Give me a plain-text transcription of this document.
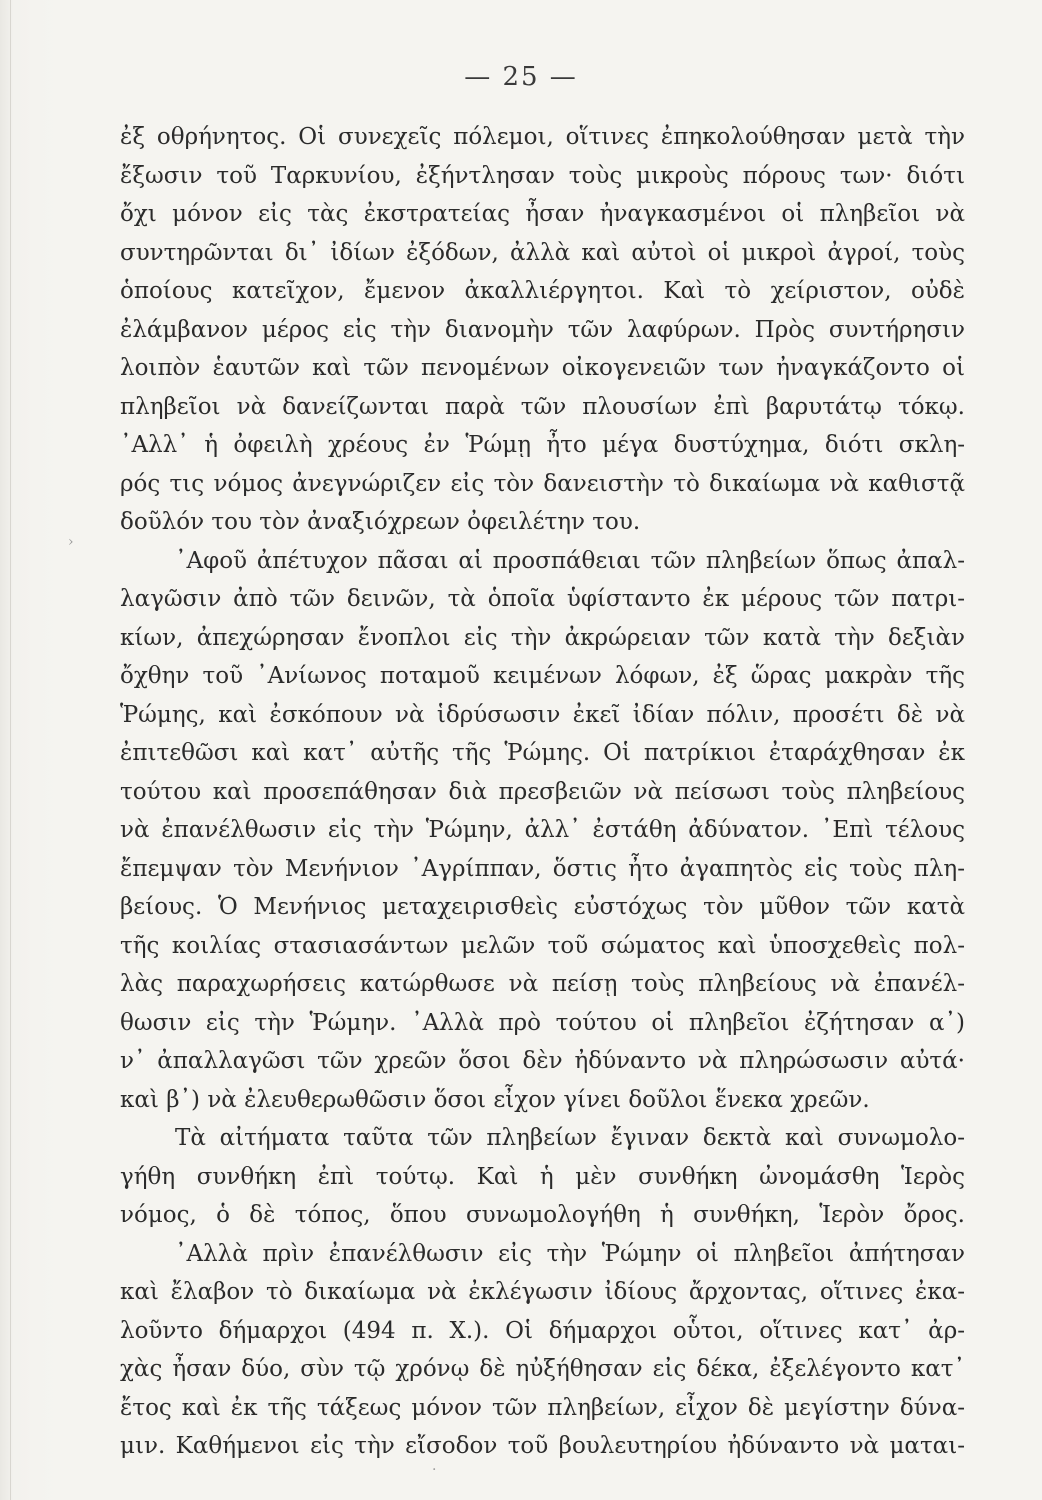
— 25 —
›
ἐξ οθρήνητος. Οἱ συνεχεῖς πόλεμοι, οἵτινες ἐπηκολούθησαν μετὰ τὴν
ἔξωσιν τοῦ Ταρκυνίου, ἐξήντλησαν τοὺς μικροὺς πόρους των· διότι
ὄχι μόνον εἰς τὰς ἐκστρατείας ἦσαν ἠναγκασμένοι οἱ πληβεῖοι νὰ
συντηρῶνται δι᾽ ἰδίων ἐξόδων, ἀλλὰ καὶ αὐτοὶ οἱ μικροὶ ἀγροί, τοὺς
ὁποίους κατεῖχον, ἔμενον ἀκαλλιέργητοι. Καὶ τὸ χείριστον, οὐδὲ
ἐλάμβανον μέρος εἰς τὴν διανομὴν τῶν λαφύρων. Πρὸς συντήρησιν
λοιπὸν ἑαυτῶν καὶ τῶν πενομένων οἰκογενειῶν των ἠναγκάζοντο οἱ
πληβεῖοι νὰ δανείζωνται παρὰ τῶν πλουσίων ἐπὶ βαρυτάτῳ τόκῳ.
᾽Αλλ᾽ ἡ ὀφειλὴ χρέους ἐν Ῥώμῃ ἦτο μέγα δυστύχημα, διότι σκλη-
ρός τις νόμος ἀνεγνώριζεν εἰς τὸν δανειστὴν τὸ δικαίωμα νὰ καθιστᾷ
δοῦλόν του τὸν ἀναξιόχρεων ὀφειλέτην του.
᾽Αφοῦ ἀπέτυχον πᾶσαι αἱ προσπάθειαι τῶν πληβείων ὅπως ἀπαλ-
λαγῶσιν ἀπὸ τῶν δεινῶν, τὰ ὁποῖα ὑφίσταντο ἐκ μέρους τῶν πατρι-
κίων, ἀπεχώρησαν ἔνοπλοι εἰς τὴν ἀκρώρειαν τῶν κατὰ τὴν δεξιὰν
ὄχθην τοῦ ᾽Ανίωνος ποταμοῦ κειμένων λόφων, ἐξ ὥρας μακρὰν τῆς
Ῥώμης, καὶ ἐσκόπουν νὰ ἱδρύσωσιν ἐκεῖ ἰδίαν πόλιν, προσέτι δὲ νὰ
ἐπιτεθῶσι καὶ κατ᾽ αὐτῆς τῆς Ῥώμης. Οἱ πατρίκιοι ἐταράχθησαν ἐκ
τούτου καὶ προσεπάθησαν διὰ πρεσβειῶν νὰ πείσωσι τοὺς πληβείους
νὰ ἐπανέλθωσιν εἰς τὴν Ῥώμην, ἀλλ᾽ ἐστάθη ἀδύνατον. ᾽Επὶ τέλους
ἔπεμψαν τὸν Μενήνιον ᾽Αγρίππαν, ὅστις ἦτο ἀγαπητὸς εἰς τοὺς πλη-
βείους. Ὁ Μενήνιος μεταχειρισθεὶς εὐστόχως τὸν μῦθον τῶν κατὰ
τῆς κοιλίας στασιασάντων μελῶν τοῦ σώματος καὶ ὑποσχεθεὶς πολ-
λὰς παραχωρήσεις κατώρθωσε νὰ πείσῃ τοὺς πληβείους νὰ ἐπανέλ-
θωσιν εἰς τὴν Ῥώμην. ᾽Αλλὰ πρὸ τούτου οἱ πληβεῖοι ἐζήτησαν α᾽)
ν᾽ ἀπαλλαγῶσι τῶν χρεῶν ὅσοι δὲν ἠδύναντο νὰ πληρώσωσιν αὐτά·
καὶ β᾽) νὰ ἐλευθερωθῶσιν ὅσοι εἶχον γίνει δοῦλοι ἕνεκα χρεῶν.
Τὰ αἰτήματα ταῦτα τῶν πληβείων ἔγιναν δεκτὰ καὶ συνωμολο-
γήθη συνθήκη ἐπὶ τούτῳ. Καὶ ἡ μὲν συνθήκη ὠνομάσθη Ἱερὸς
νόμος, ὁ δὲ τόπος, ὅπου συνωμολογήθη ἡ συνθήκη, Ἱερὸν ὄρος.
᾽Αλλὰ πρὶν ἐπανέλθωσιν εἰς τὴν Ῥώμην οἱ πληβεῖοι ἀπήτησαν
καὶ ἔλαβον τὸ δικαίωμα νὰ ἐκλέγωσιν ἰδίους ἄρχοντας, οἵτινες ἐκα-
λοῦντο δήμαρχοι (494 π. Χ.). Οἱ δήμαρχοι οὗτοι, οἵτινες κατ᾽ ἀρ-
χὰς ἦσαν δύο, σὺν τῷ χρόνῳ δὲ ηὐξήθησαν εἰς δέκα, ἐξελέγοντο κατ᾽
ἔτος καὶ ἐκ τῆς τάξεως μόνον τῶν πληβείων, εἶχον δὲ μεγίστην δύνα-
μιν. Καθήμενοι εἰς τὴν εἴσοδον τοῦ βουλευτηρίου ἠδύναντο νὰ μαται-
·
